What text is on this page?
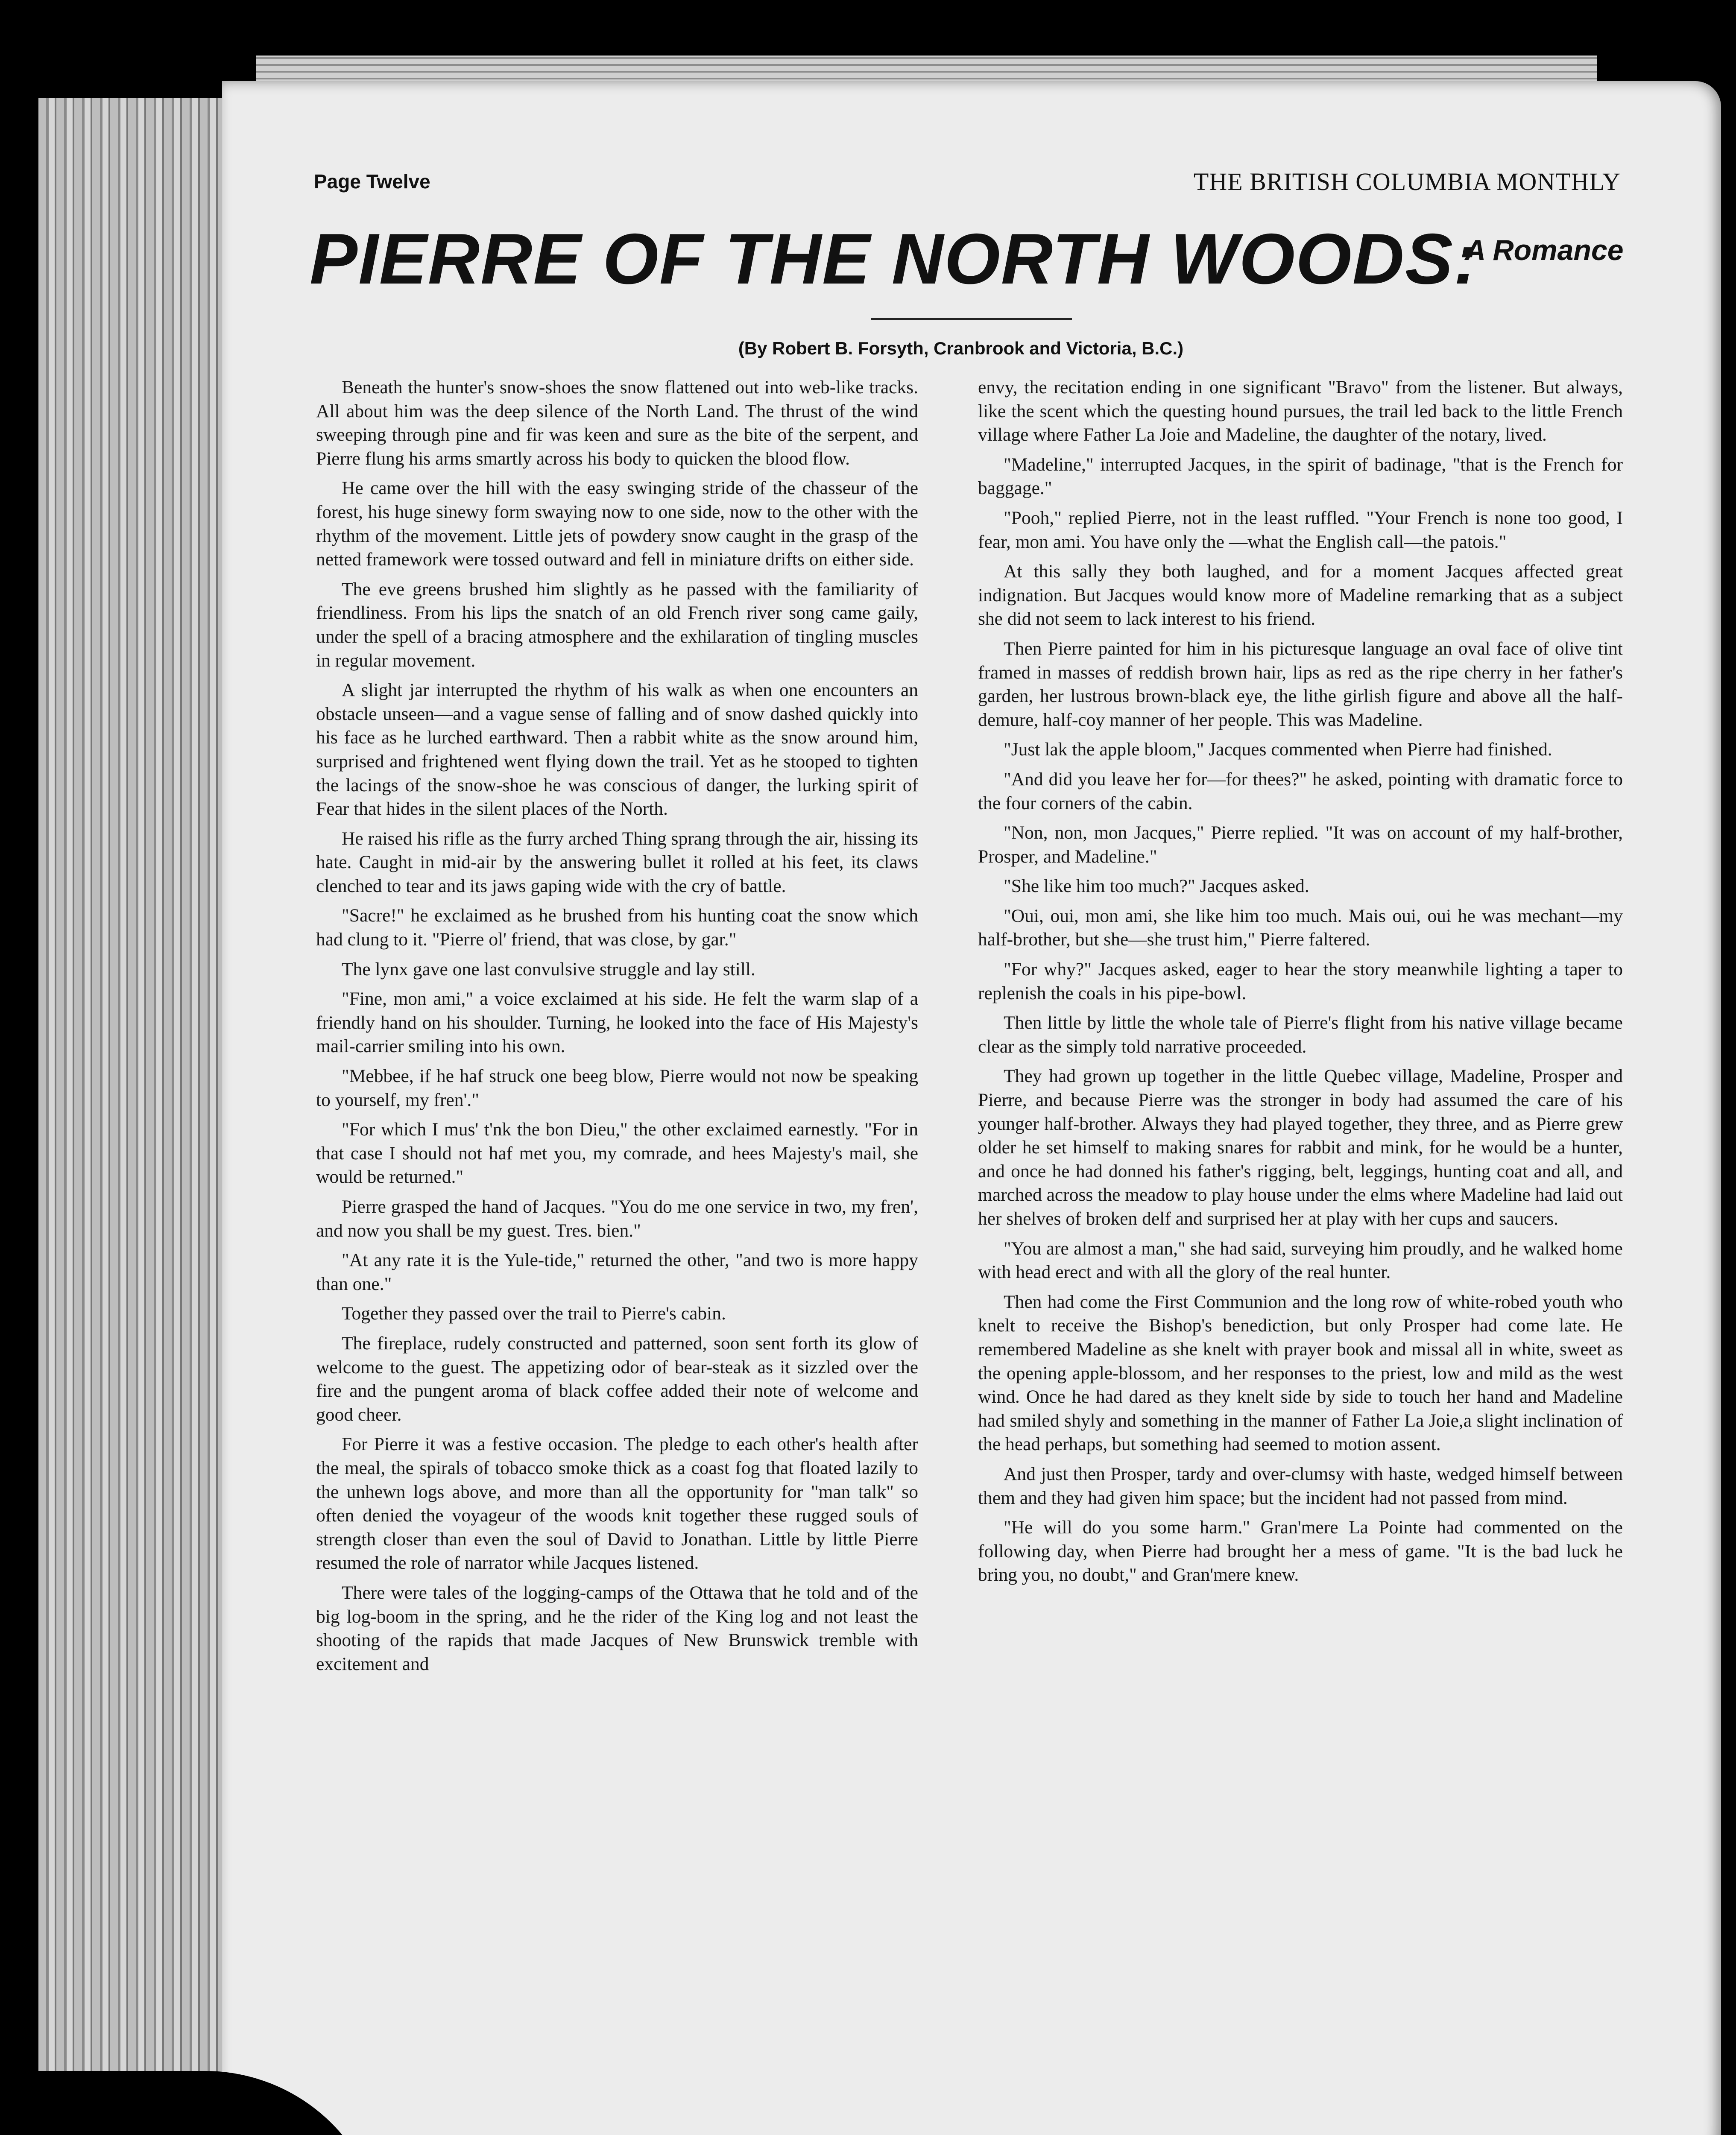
Page Twelve	THE BRITISH COLUMBIA MONTHLY
PIERRE OF THE NORTH WOODS:
A Romance
(By Robert B. Forsyth, Cranbrook and Victoria, B.C.)

Beneath the hunter's snow-shoes the snow flattened out into web-like tracks. All about him was the deep silence of the North Land. The thrust of the wind sweeping through pine and fir was keen and sure as the bite of the serpent, and Pierre flung his arms smartly across his body to quicken the blood flow.

He came over the hill with the easy swinging stride of the chasseur of the forest, his huge sinewy form swaying now to one side, now to the other with the rhythm of the movement. Little jets of powdery snow caught in the grasp of the netted framework were tossed outward and fell in miniature drifts on either side.

The eve greens brushed him slightly as he passed with the familiarity of friendliness. From his lips the snatch of an old French river song came gaily, under the spell of a bracing atmosphere and the exhilaration of tingling muscles in regular movement.

A slight jar interrupted the rhythm of his walk as when one encounters an obstacle unseen—and a vague sense of falling and of snow dashed quickly into his face as he lurched earthward. Then a rabbit white as the snow around him, surprised and frightened went flying down the trail. Yet as he stooped to tighten the lacings of the snow-shoe he was conscious of danger, the lurking spirit of Fear that hides in the silent places of the North.

He raised his rifle as the furry arched Thing sprang through the air, hissing its hate. Caught in mid-air by the answering bullet it rolled at his feet, its claws clenched to tear and its jaws gaping wide with the cry of battle.

"Sacre!" he exclaimed as he brushed from his hunting coat the snow which had clung to it. "Pierre ol' friend, that was close, by gar."

The lynx gave one last convulsive struggle and lay still.

"Fine, mon ami," a voice exclaimed at his side. He felt the warm slap of a friendly hand on his shoulder. Turning, he looked into the face of His Majesty's mail-carrier smiling into his own.

"Mebbee, if he haf struck one beeg blow, Pierre would not now be speaking to yourself, my fren'."

"For which I mus' t'nk the bon Dieu," the other exclaimed earnestly. "For in that case I should not haf met you, my comrade, and hees Majesty's mail, she would be returned."

Pierre grasped the hand of Jacques. "You do me one service in two, my fren', and now you shall be my guest. Tres. bien."

"At any rate it is the Yule-tide," returned the other, "and two is more happy than one."

Together they passed over the trail to Pierre's cabin.

The fireplace, rudely constructed and patterned, soon sent forth its glow of welcome to the guest. The appetizing odor of bear-steak as it sizzled over the fire and the pungent aroma of black coffee added their note of welcome and good cheer.

For Pierre it was a festive occasion. The pledge to each other's health after the meal, the spirals of tobacco smoke thick as a coast fog that floated lazily to the unhewn logs above, and more than all the opportunity for "man talk" so often denied the voyageur of the woods knit together these rugged souls of strength closer than even the soul of David to Jonathan. Little by little Pierre resumed the role of narrator while Jacques listened.

There were tales of the logging-camps of the Ottawa that he told and of the big log-boom in the spring, and he the rider of the King log and not least the shooting of the rapids that made Jacques of New Brunswick tremble with excitement and

envy, the recitation ending in one significant "Bravo" from the listener. But always, like the scent which the questing hound pursues, the trail led back to the little French village where Father La Joie and Madeline, the daughter of the notary, lived.

"Madeline," interrupted Jacques, in the spirit of badinage, "that is the French for baggage."

"Pooh," replied Pierre, not in the least ruffled. "Your French is none too good, I fear, mon ami. You have only the —what the English call—the patois."

At this sally they both laughed, and for a moment Jacques affected great indignation. But Jacques would know more of Madeline remarking that as a subject she did not seem to lack interest to his friend.

Then Pierre painted for him in his picturesque language an oval face of olive tint framed in masses of reddish brown hair, lips as red as the ripe cherry in her father's garden, her lustrous brown-black eye, the lithe girlish figure and above all the half-demure, half-coy manner of her people. This was Madeline.

"Just lak the apple bloom," Jacques commented when Pierre had finished.

"And did you leave her for—for thees?" he asked, pointing with dramatic force to the four corners of the cabin.

"Non, non, mon Jacques," Pierre replied. "It was on account of my half-brother, Prosper, and Madeline."

"She like him too much?" Jacques asked.

"Oui, oui, mon ami, she like him too much. Mais oui, oui he was mechant—my half-brother, but she—she trust him," Pierre faltered.

"For why?" Jacques asked, eager to hear the story meanwhile lighting a taper to replenish the coals in his pipe-bowl.

Then little by little the whole tale of Pierre's flight from his native village became clear as the simply told narrative proceeded.

They had grown up together in the little Quebec village, Madeline, Prosper and Pierre, and because Pierre was the stronger in body had assumed the care of his younger half-brother. Always they had played together, they three, and as Pierre grew older he set himself to making snares for rabbit and mink, for he would be a hunter, and once he had donned his father's rigging, belt, leggings, hunting coat and all, and marched across the meadow to play house under the elms where Madeline had laid out her shelves of broken delf and surprised her at play with her cups and saucers.

"You are almost a man," she had said, surveying him proudly, and he walked home with head erect and with all the glory of the real hunter.

Then had come the First Communion and the long row of white-robed youth who knelt to receive the Bishop's benediction, but only Prosper had come late. He remembered Madeline as she knelt with prayer book and missal all in white, sweet as the opening apple-blossom, and her responses to the priest, low and mild as the west wind. Once he had dared as they knelt side by side to touch her hand and Madeline had smiled shyly and something in the manner of Father La Joie,a slight inclination of the head perhaps, but something had seemed to motion assent.

And just then Prosper, tardy and over-clumsy with haste, wedged himself between them and they had given him space; but the incident had not passed from mind.

"He will do you some harm." Gran'mere La Pointe had commented on the following day, when Pierre had brought her a mess of game. "It is the bad luck he bring you, no doubt," and Gran'mere knew.
